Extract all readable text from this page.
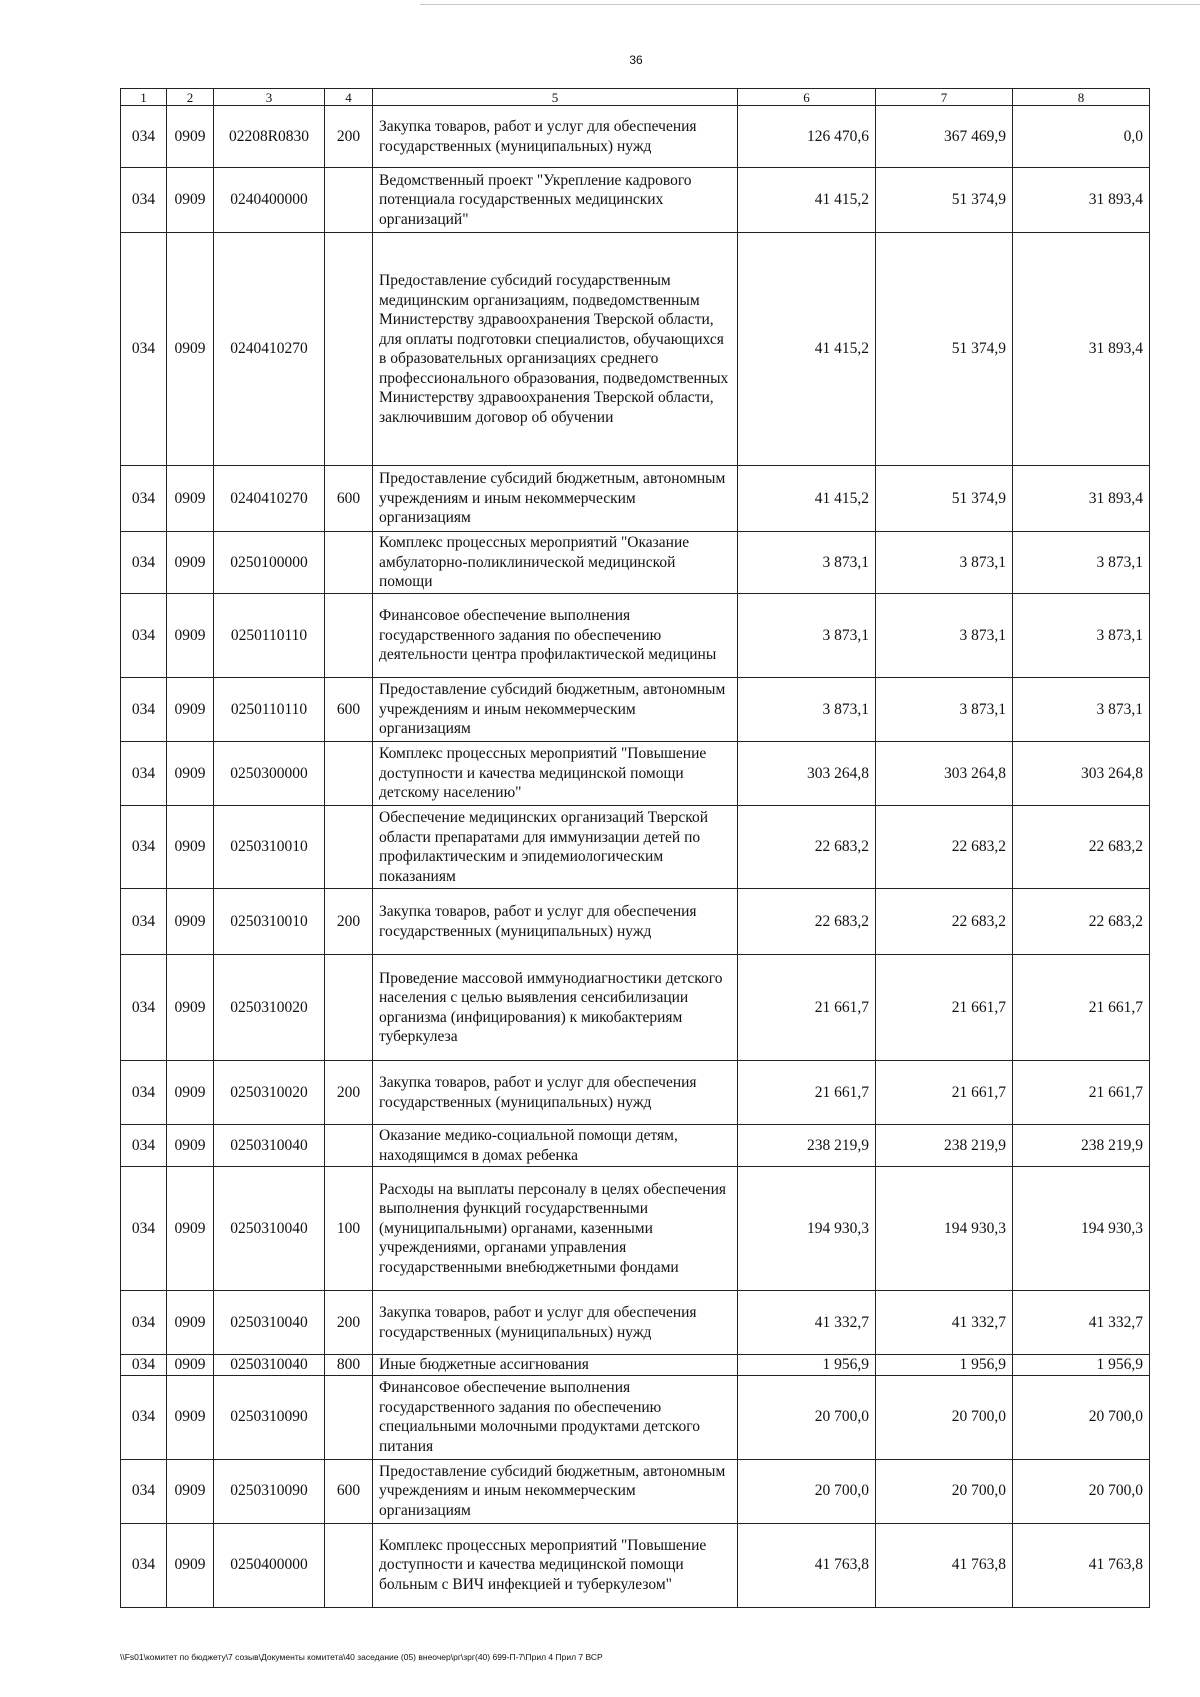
36
1	2	3	4	5	6	7	8
034	0909	02208R0830	200	Закупка товаров, работ и услуг для обеспечения государственных (муниципальных) нужд	126 470,6	367 469,9	0,0
034	0909	0240400000		Ведомственный проект "Укрепление кадрового потенциала государственных медицинских организаций"	41 415,2	51 374,9	31 893,4
034	0909	0240410270		Предоставление субсидий государственным медицинским организациям, подведомственным Министерству здравоохранения Тверской области, для оплаты подготовки специалистов, обучающихся в образовательных организациях среднего профессионального образования, подведомственных Министерству здравоохранения Тверской области, заключившим договор об обучении	41 415,2	51 374,9	31 893,4
034	0909	0240410270	600	Предоставление субсидий бюджетным, автономным учреждениям и иным некоммерческим организациям	41 415,2	51 374,9	31 893,4
034	0909	0250100000		Комплекс процессных мероприятий "Оказание амбулаторно-поликлинической медицинской помощи	3 873,1	3 873,1	3 873,1
034	0909	0250110110		Финансовое обеспечение выполнения государственного задания по обеспечению деятельности центра профилактической медицины	3 873,1	3 873,1	3 873,1
034	0909	0250110110	600	Предоставление субсидий бюджетным, автономным учреждениям и иным некоммерческим организациям	3 873,1	3 873,1	3 873,1
034	0909	0250300000		Комплекс процессных мероприятий "Повышение доступности и качества медицинской помощи детскому населению"	303 264,8	303 264,8	303 264,8
034	0909	0250310010		Обеспечение медицинских организаций Тверской области препаратами для иммунизации детей по профилактическим и эпидемиологическим показаниям	22 683,2	22 683,2	22 683,2
034	0909	0250310010	200	Закупка товаров, работ и услуг для обеспечения государственных (муниципальных) нужд	22 683,2	22 683,2	22 683,2
034	0909	0250310020		Проведение массовой иммунодиагностики детского населения с целью выявления сенсибилизации организма (инфицирования) к микобактериям туберкулеза	21 661,7	21 661,7	21 661,7
034	0909	0250310020	200	Закупка товаров, работ и услуг для обеспечения государственных (муниципальных) нужд	21 661,7	21 661,7	21 661,7
034	0909	0250310040		Оказание медико-социальной помощи детям, находящимся в домах ребенка	238 219,9	238 219,9	238 219,9
034	0909	0250310040	100	Расходы на выплаты персоналу в целях обеспечения выполнения функций государственными (муниципальными) органами, казенными учреждениями, органами управления государственными внебюджетными фондами	194 930,3	194 930,3	194 930,3
034	0909	0250310040	200	Закупка товаров, работ и услуг для обеспечения государственных (муниципальных) нужд	41 332,7	41 332,7	41 332,7
034	0909	0250310040	800	Иные бюджетные ассигнования	1 956,9	1 956,9	1 956,9
034	0909	0250310090		Финансовое обеспечение выполнения государственного задания по обеспечению специальными молочными продуктами детского питания	20 700,0	20 700,0	20 700,0
034	0909	0250310090	600	Предоставление субсидий бюджетным, автономным учреждениям и иным некоммерческим организациям	20 700,0	20 700,0	20 700,0
034	0909	0250400000		Комплекс процессных мероприятий "Повышение доступности и качества медицинской помощи больным с ВИЧ инфекцией и туберкулезом"	41 763,8	41 763,8	41 763,8
\\Fs01\комитет по бюджету\7 созыв\Документы комитета\40 заседание (05) внеочер\рг\зрг(40) 699-П-7\Прил 4 Прил 7 ВСР
